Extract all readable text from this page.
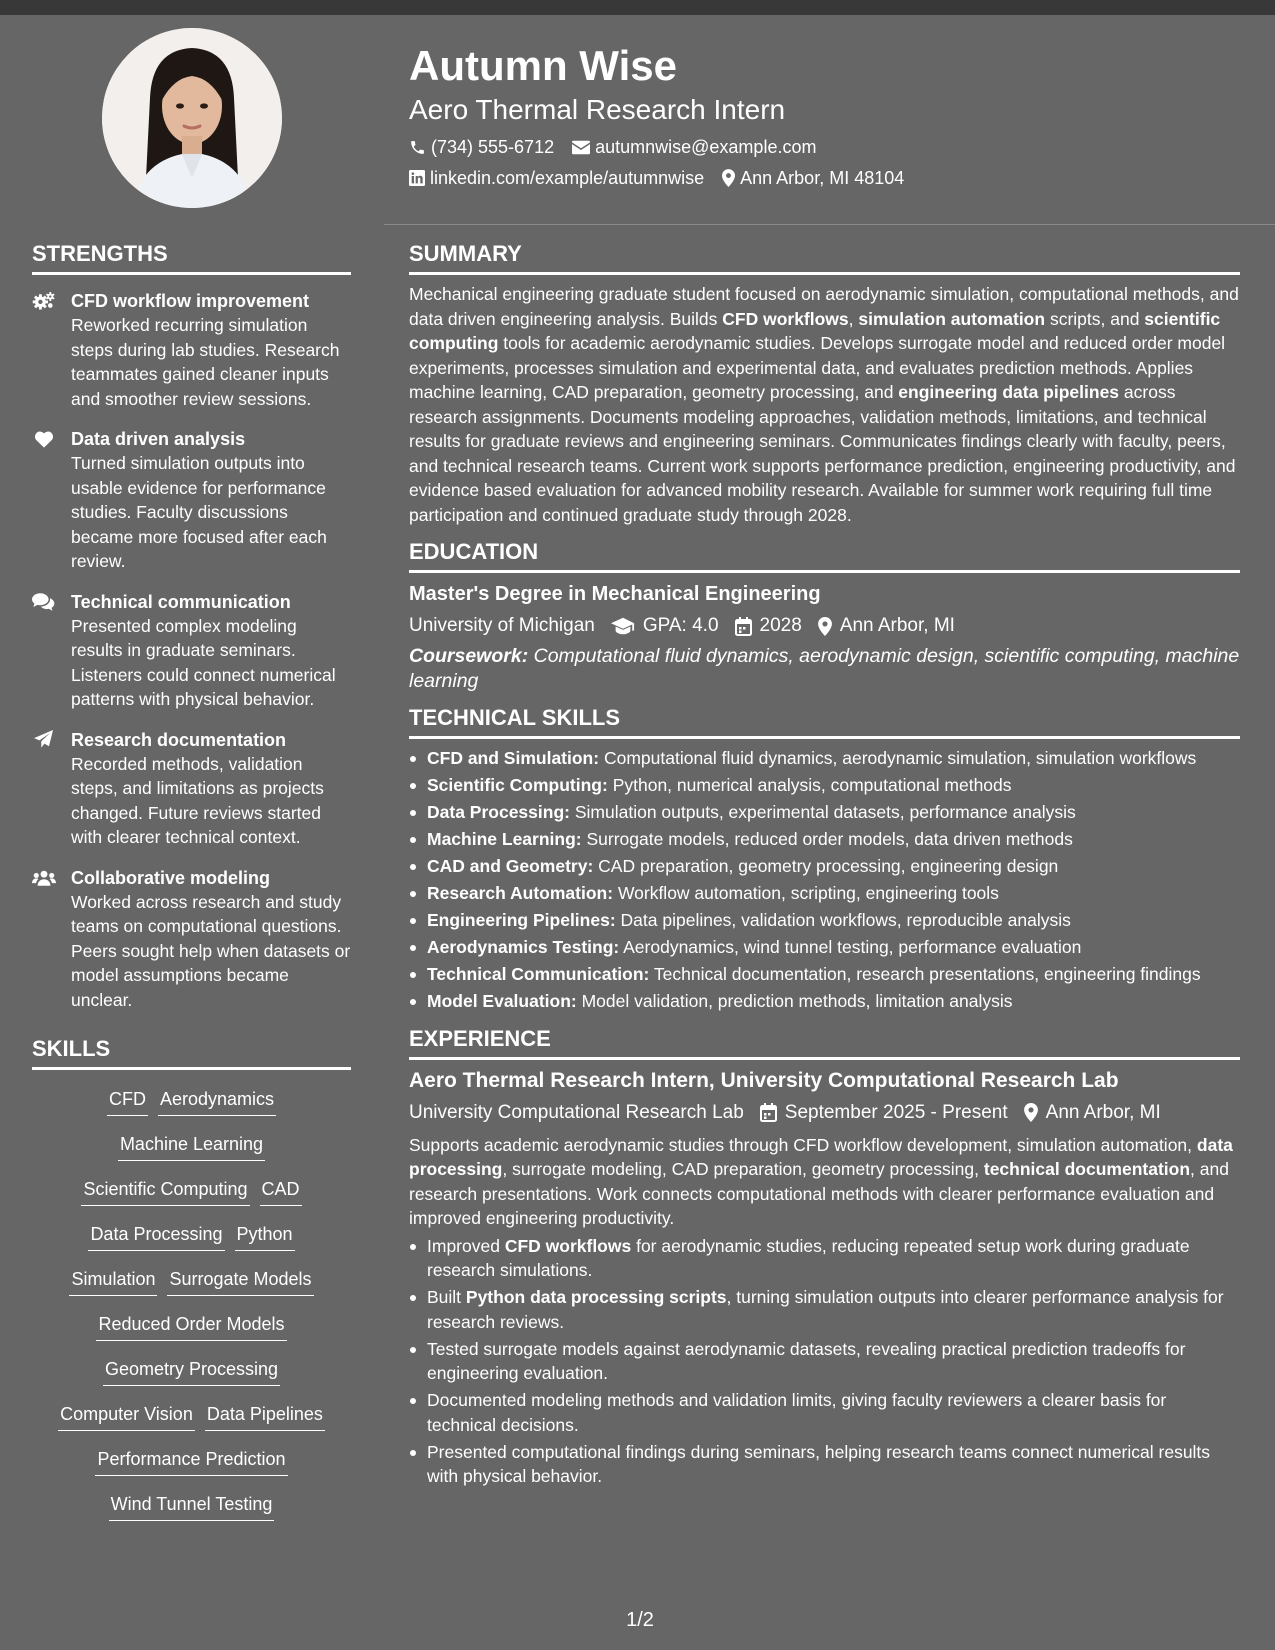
Autumn Wise
Aero Thermal Research Intern
(734) 555-6712 autumnwise@example.com
linkedin.com/example/autumnwise Ann Arbor, MI 48104
STRENGTHS
CFD workflow improvement
Reworked recurring simulation steps during lab studies. Research teammates gained cleaner inputs and smoother review sessions.
Data driven analysis
Turned simulation outputs into usable evidence for performance studies. Faculty discussions became more focused after each review.
Technical communication
Presented complex modeling results in graduate seminars. Listeners could connect numerical patterns with physical behavior.
Research documentation
Recorded methods, validation steps, and limitations as projects changed. Future reviews started with clearer technical context.
Collaborative modeling
Worked across research and study teams on computational questions. Peers sought help when datasets or model assumptions became unclear.
SKILLS
CFD Aerodynamics
Machine Learning
Scientific Computing CAD
Data Processing Python
Simulation Surrogate Models
Reduced Order Models
Geometry Processing
Computer Vision Data Pipelines
Performance Prediction
Wind Tunnel Testing
SUMMARY
Mechanical engineering graduate student focused on aerodynamic simulation, computational methods, and data driven engineering analysis. Builds CFD workflows, simulation automation scripts, and scientific computing tools for academic aerodynamic studies. Develops surrogate model and reduced order model experiments, processes simulation and experimental data, and evaluates prediction methods. Applies machine learning, CAD preparation, geometry processing, and engineering data pipelines across research assignments. Documents modeling approaches, validation methods, limitations, and technical results for graduate reviews and engineering seminars. Communicates findings clearly with faculty, peers, and technical research teams. Current work supports performance prediction, engineering productivity, and evidence based evaluation for advanced mobility research. Available for summer work requiring full time participation and continued graduate study through 2028.
EDUCATION
Master's Degree in Mechanical Engineering
University of Michigan	GPA: 4.0 2028 Ann Arbor, MI
Coursework: Computational fluid dynamics, aerodynamic design, scientific computing, machine learning
TECHNICAL SKILLS
CFD and Simulation: Computational fluid dynamics, aerodynamic simulation, simulation workflows
Scientific Computing: Python, numerical analysis, computational methods
Data Processing: Simulation outputs, experimental datasets, performance analysis
Machine Learning: Surrogate models, reduced order models, data driven methods
CAD and Geometry: CAD preparation, geometry processing, engineering design
Research Automation: Workflow automation, scripting, engineering tools
Engineering Pipelines: Data pipelines, validation workflows, reproducible analysis
Aerodynamics Testing: Aerodynamics, wind tunnel testing, performance evaluation
Technical Communication: Technical documentation, research presentations, engineering findings
Model Evaluation: Model validation, prediction methods, limitation analysis
EXPERIENCE
Aero Thermal Research Intern, University Computational Research Lab
University Computational Research Lab September 2025 - Present Ann Arbor, MI
Supports academic aerodynamic studies through CFD workflow development, simulation automation, data processing, surrogate modeling, CAD preparation, geometry processing, technical documentation, and research presentations. Work connects computational methods with clearer performance evaluation and improved engineering productivity.
Improved CFD workflows for aerodynamic studies, reducing repeated setup work during graduate research simulations.
Built Python data processing scripts, turning simulation outputs into clearer performance analysis for research reviews.
Tested surrogate models against aerodynamic datasets, revealing practical prediction tradeoffs for engineering evaluation.
Documented modeling methods and validation limits, giving faculty reviewers a clearer basis for technical decisions.
Presented computational findings during seminars, helping research teams connect numerical results with physical behavior.
1/2
